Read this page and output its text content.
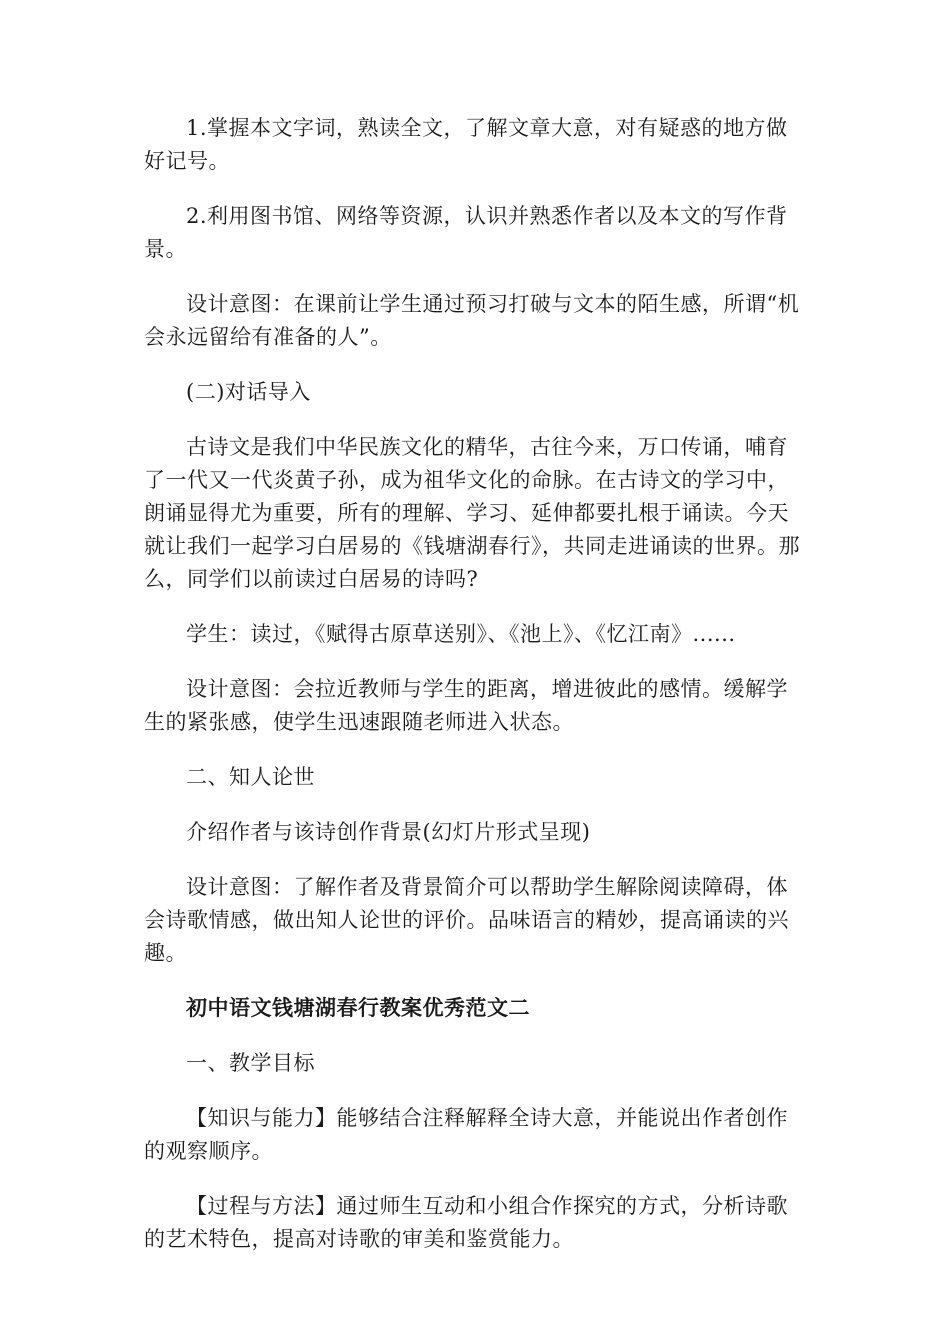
1.掌握本文字词，熟读全文，了解文章大意，对有疑惑的地方做好记号。

2.利用图书馆、网络等资源，认识并熟悉作者以及本文的写作背景。

设计意图：在课前让学生通过预习打破与文本的陌生感，所谓“机会永远留给有准备的人”。

(二)对话导入

古诗文是我们中华民族文化的精华，古往今来，万口传诵，哺育了一代又一代炎黄子孙，成为祖华文化的命脉。在古诗文的学习中，朗诵显得尤为重要，所有的理解、学习、延伸都要扎根于诵读。今天就让我们一起学习白居易的《钱塘湖春行》，共同走进诵读的世界。那么，同学们以前读过白居易的诗吗?

学生：读过，《赋得古原草送别》、《池上》、《忆江南》......

设计意图：会拉近教师与学生的距离，增进彼此的感情。缓解学生的紧张感，使学生迅速跟随老师进入状态。

二、知人论世

介绍作者与该诗创作背景(幻灯片形式呈现)

设计意图：了解作者及背景简介可以帮助学生解除阅读障碍，体会诗歌情感，做出知人论世的评价。品味语言的精妙，提高诵读的兴趣。

初中语文钱塘湖春行教案优秀范文二

一、教学目标

【知识与能力】能够结合注释解释全诗大意，并能说出作者创作的观察顺序。

【过程与方法】通过师生互动和小组合作探究的方式，分析诗歌的艺术特色，提高对诗歌的审美和鉴赏能力。
